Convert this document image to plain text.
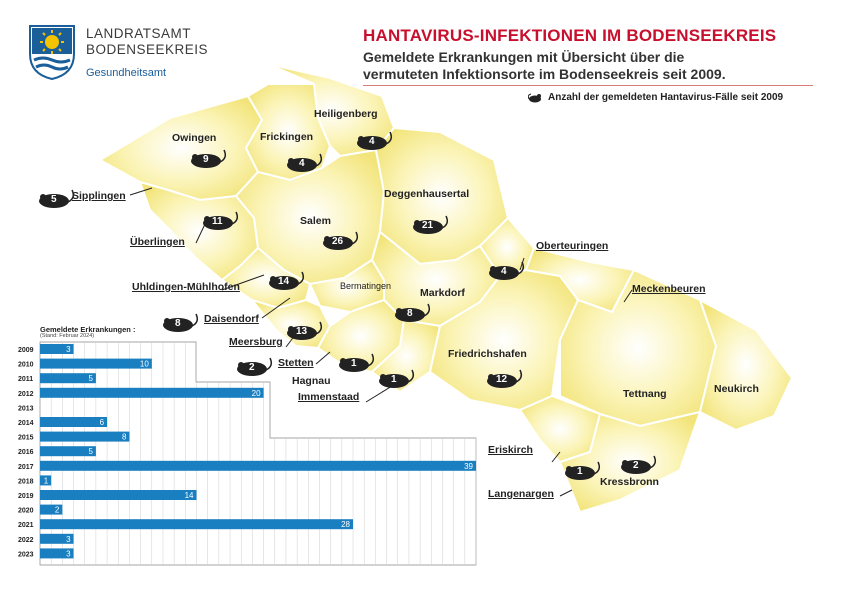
LANDRATSAMT
BODENSEEKREIS
Gesundheitsamt
HANTAVIRUS-INFEKTIONEN IM BODENSEEKREIS
Gemeldete Erkrankungen mit Übersicht über die
vermuteten Infektionsorte im Bodenseekreis seit 2009.
Anzahl der gemeldeten Hantavirus-Fälle seit 2009
Owingen	Frickingen
Heiligenberg
Sipplingen	Deggenhausertal
Überlingen
Salem
Oberteuringen
Uhldingen-Mühlhofen	Bermatingen
Markdorf	Meckenbeuren
Daisendorf
Meersburg
Friedrichshafen
Stetten
Hagnau
Immenstaad	Tettnang	Neukirch
Eriskirch
Kressbronn
Langenargen
9	4
4
5
21
11
26
4
14
8
8
13
12
2	1
1
1
2
Gemeldete Erkrankungen :
(Stand: Februar 2024)
2009	3
2010	10
2011	5
2012	20
2013
2014	6
2015	8
2016	5
2017	39
2018 1
2019	14
2020	2
2021	28
2022	3
2023	3
